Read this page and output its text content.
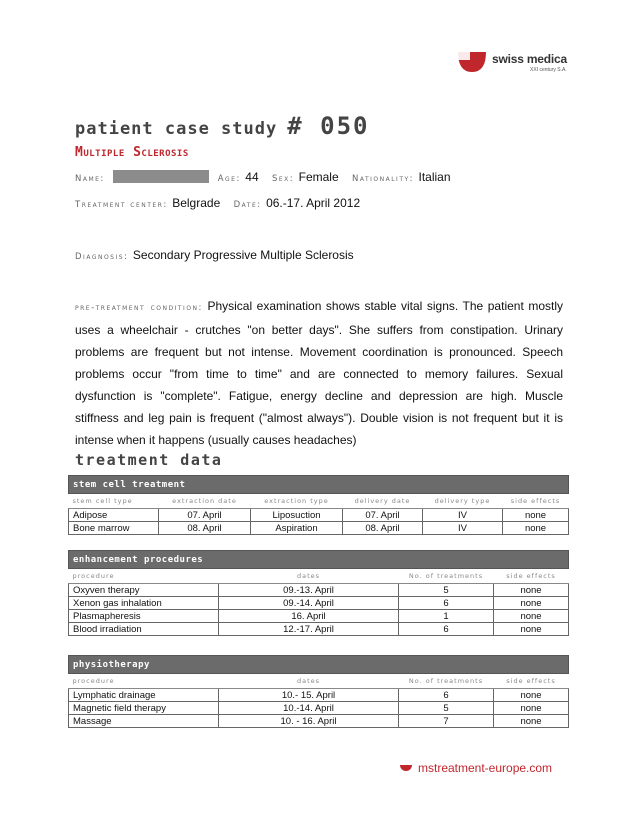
swiss medica
XXI century S.A.
patient case study # 050
Multiple Sclerosis
Name:	Age: 44 Sex: Female Nationality: Italian
Treatment center: Belgrade Date: 06.-17. April 2012
Diagnosis: Secondary Progressive Multiple Sclerosis
pre-treatment condition: Physical examination shows stable vital signs. The patient mostly uses a wheelchair - crutches "on better days". She suffers from constipation. Urinary problems are frequent but not intense. Movement coordination is pronounced. Speech problems occur "from time to time" and are connected to memory failures. Sexual dysfunction is "complete". Fatigue, energy decline and depression are high. Muscle stiffness and leg pain is frequent ("almost always"). Double vision is not frequent but it is intense when it happens (usually causes headaches)
treatment data
stem cell treatment					
stem cell type	extraction date	extraction type	delivery date	delivery type	side effects
Adipose	07. April	Liposuction	07. April	IV	none
Bone marrow	08. April	Aspiration	08. April	IV	none
enhancement procedures			
procedure	dates	No. of treatments	side effects
Oxyven therapy	09.-13. April	5	none
Xenon gas inhalation	09.-14. April	6	none
Plasmapheresis	16. April	1	none
Blood irradiation	12.-17. April	6	none
physiotherapy			
procedure	dates	No. of treatments	side effects
Lymphatic drainage	10.- 15. April	6	none
Magnetic field therapy	10.-14. April	5	none
Massage	10. - 16. April	7	none
mstreatment-europe.com
